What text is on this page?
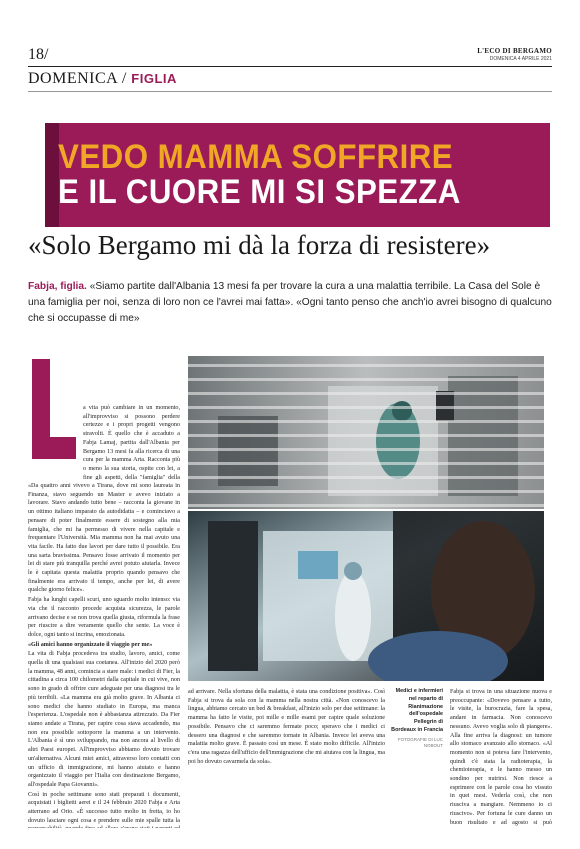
18/	L'ECO DI BERGAMO
DOMENICA 4 APRILE 2021
DOMENICA / FIGLIA
VEDO MAMMA SOFFRIRE
E IL CUORE MI SI SPEZZA
«Solo Bergamo mi dà la forza di resistere»
Fabja, figlia. «Siamo partite dall'Albania 13 mesi fa per trovare la cura a una malattia terribile. La Casa del Sole è una famiglia per noi, senza di loro non ce l'avrei mai fatta». «Ogni tanto penso che anch'io avrei bisogno di qualcuno che si occupasse di me»

a vita può cambiare in un momento, all'improvviso si possono perdere certezze e i propri progetti vengono stravolti. È quello che è accaduto a Fabja Lamaj, partita dall'Albania per Bergamo 13 mesi fa alla ricerca di una cura per la mamma Arta. Racconta più o meno la sua storia, ospite con lei, a fine gli aspetti, della "famiglia" della

«Da quattro anni vivevo a Tirana, dove mi sono laureata in Finanza, stavo seguendo un Master e avevo iniziato a lavorare. Stavo andando tutto bene – racconta la giovane in un ottimo italiano imparato da autodidatta – e cominciavo a pensare di poter finalmente essere di sostegno alla mia famiglia, che mi ha permesso di vivere nella capitale e frequentare l'Università. Mia mamma non ha mai avuto una vita facile. Ha fatto due lavori per dare tutto il possibile. Era una sarta bravissima. Pensavo fosse arrivato il momento per lei di stare più tranquilla perché avrei potuto aiutarla. Invece le è capitata questa malattia proprio quando pensavo che finalmente era arrivato il tempo, anche per lei, di avere qualche giorno felice».

Fabja ha lunghi capelli scuri, uno sguardo molto intenso: via via che il racconto procede acquista sicurezza, le parole arrivano decise e se non trova quella giusta, riformula la frase per riuscire a dire veramente quello che sente. La voce è dolce, ogni tanto si incrina, emozionata.

«Gli amici hanno organizzato il viaggio per me»

La vita di Fabja procedeva tra studio, lavoro, amici, come quella di una qualsiasi sua coetanea. All'inizio del 2020 però la mamma, 48 anni, comincia a stare male: i medici di Fier, la cittadina a circa 100 chilometri dalla capitale in cui vive, non sono in grado di offrire cure adeguate per una diagnosi tra le più terribili. «La mamma era già molto grave. In Albania ci sono medici che hanno studiato in Europa, ma manca l'esperienza. L'ospedale non è abbastanza attrezzato. Da Fier siamo andate a Tirana, per capire cosa stava accadendo, ma non era possibile sottoporre la mamma a un intervento. L'Albania è sì uno sviluppando, ma non ancora al livello di altri Paesi europei. All'improvviso abbiamo dovuto trovare un'alternativa. Alcuni miei amici, attraverso loro contatti con un ufficio di immigrazione, mi hanno aiutato e hanno organizzato il viaggio per l'Italia con destinazione Bergamo, all'ospedale Papa Giovanni».

Così in poche settimane sono stati preparati i documenti, acquistati i biglietti aerei e il 24 febbraio 2020 Fabja e Arta atterrano ad Orio. «È successo tutto molto in fretta, io ho dovuto lasciare ogni cosa e prendere sulle mie spalle tutta la

ad arrivare. Nella sfortuna della malattia, è stata una condizione positiva». Così Fabja si trova da sola con la mamma nella nostra città. «Non conoscevo la lingua, abbiamo cercato un bed & breakfast, all'inizio solo per due settimane: la mamma ha fatto le visite, poi mille e mille esami per capire quale soluzione possibile. Pensavo che ci saremmo fermate poco; speravo che i medici ci dessero una diagnosi e che saremmo tornate in Albania. Invece lei aveva una malattia molto grave. È passato così un mese. È stato molto difficile. All'inizio c'era una ragazza dell'ufficio dell'immigrazione che mi aiutava con la lingua, ma poi ho dovuto cavarmela da sola».

Medici e infermieri nel reparto di Rianimazione dell'ospedale Pellegrin di Bordeaux in Francia
FOTOGRAFIE DI LUC NOBOUT

Fabja si trova in una situazione nuova e preoccupante: «Dovevo pensare a tutto, le visite, la burocrazia, fare la spesa, andare in farmacia. Non conoscevo nessuno. Avevo voglia solo di piangere». Alla fine arriva la diagnosi: un tumore allo stomaco avanzato allo stomaco. «Al momento non si poteva fare l'intervento, quindi c'è stata la radioterapia, la chemioterapia, e le hanno messo un sondino per nutrirsi. Non riesce a esprimere con le parole cosa ho vissuto in quei mesi. Vederla così, che non riusciva a mangiare. Nemmeno io ci riuscivo». Per fortuna le cure danno un buon risultato e ad agosto si può
